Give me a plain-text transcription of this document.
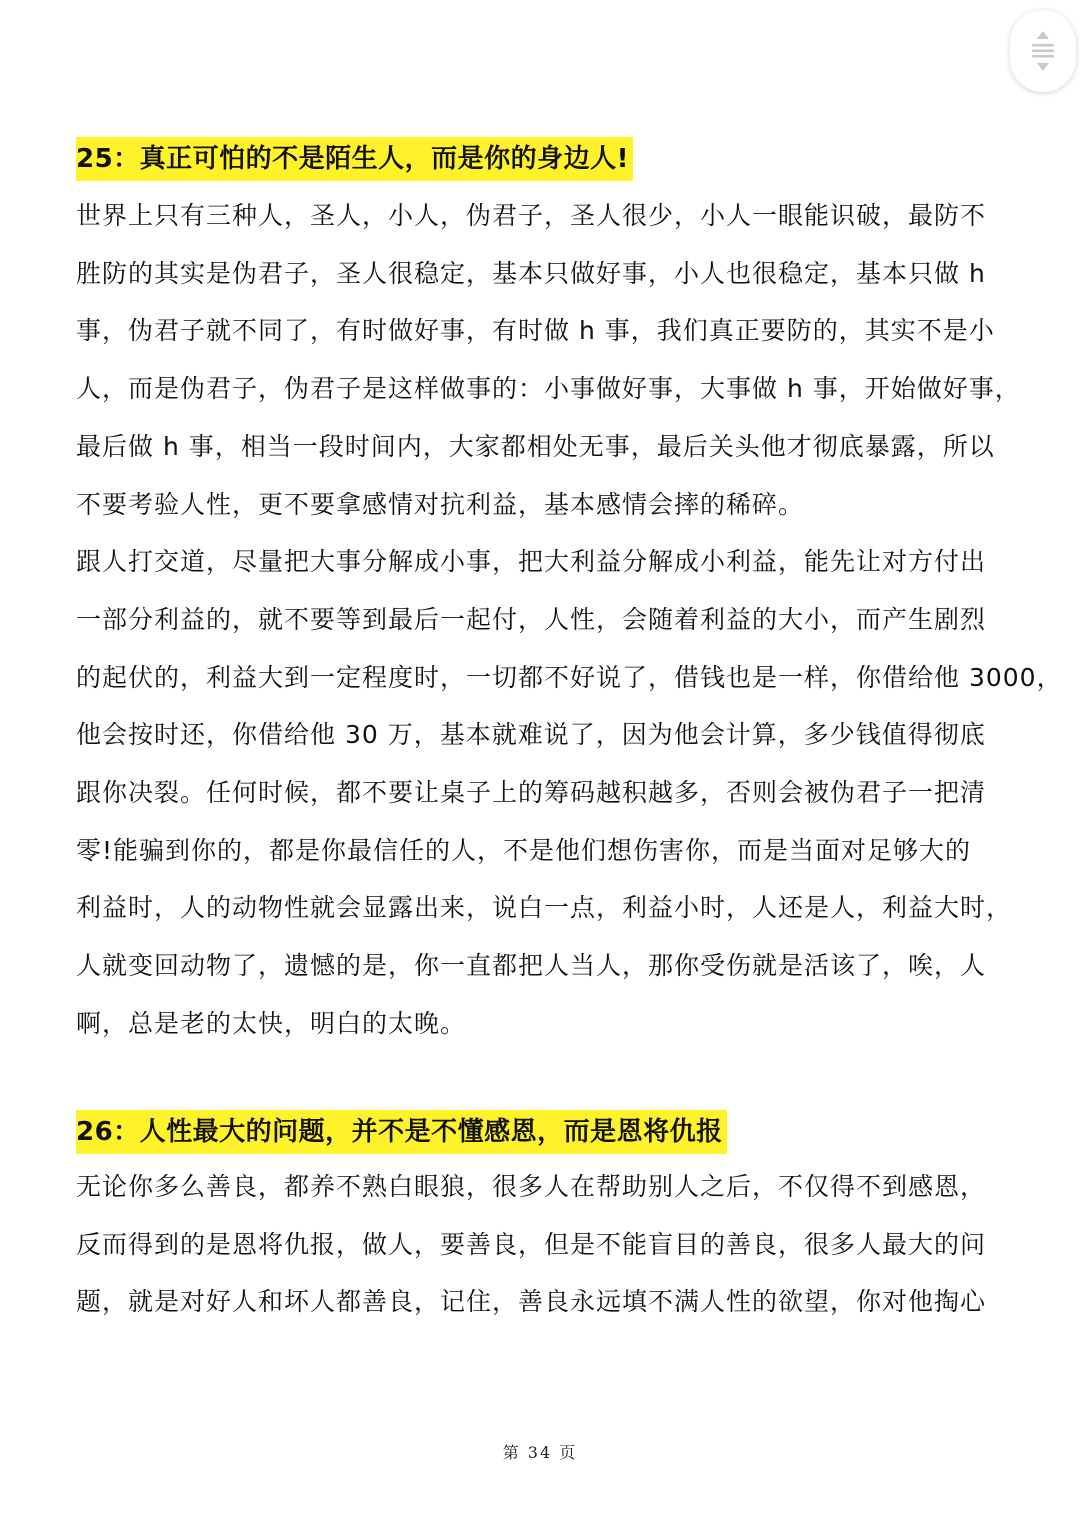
25：真正可怕的不是陌生人，而是你的身边人!

世界上只有三种人，圣人，小人，伪君子，圣人很少，小人一眼能识破，最防不
胜防的其实是伪君子，圣人很稳定，基本只做好事，小人也很稳定，基本只做 h
事，伪君子就不同了，有时做好事，有时做 h 事，我们真正要防的，其实不是小
人，而是伪君子，伪君子是这样做事的：小事做好事，大事做 h 事，开始做好事，
最后做 h 事，相当一段时间内，大家都相处无事，最后关头他才彻底暴露，所以
不要考验人性，更不要拿感情对抗利益，基本感情会摔的稀碎。

跟人打交道，尽量把大事分解成小事，把大利益分解成小利益，能先让对方付出
一部分利益的，就不要等到最后一起付，人性，会随着利益的大小，而产生剧烈
的起伏的，利益大到一定程度时，一切都不好说了，借钱也是一样，你借给他 3000，
他会按时还，你借给他 30 万，基本就难说了，因为他会计算，多少钱值得彻底
跟你决裂。任何时候，都不要让桌子上的筹码越积越多，否则会被伪君子一把清
零!能骗到你的，都是你最信任的人，不是他们想伤害你，而是当面对足够大的
利益时，人的动物性就会显露出来，说白一点，利益小时，人还是人，利益大时，
人就变回动物了，遗憾的是，你一直都把人当人，那你受伤就是活该了，唉，人
啊，总是老的太快，明白的太晚。

26：人性最大的问题，并不是不懂感恩，而是恩将仇报

无论你多么善良，都养不熟白眼狼，很多人在帮助别人之后，不仅得不到感恩，
反而得到的是恩将仇报，做人，要善良，但是不能盲目的善良，很多人最大的问
题，就是对好人和坏人都善良，记住，善良永远填不满人性的欲望，你对他掏心

第 34 页
